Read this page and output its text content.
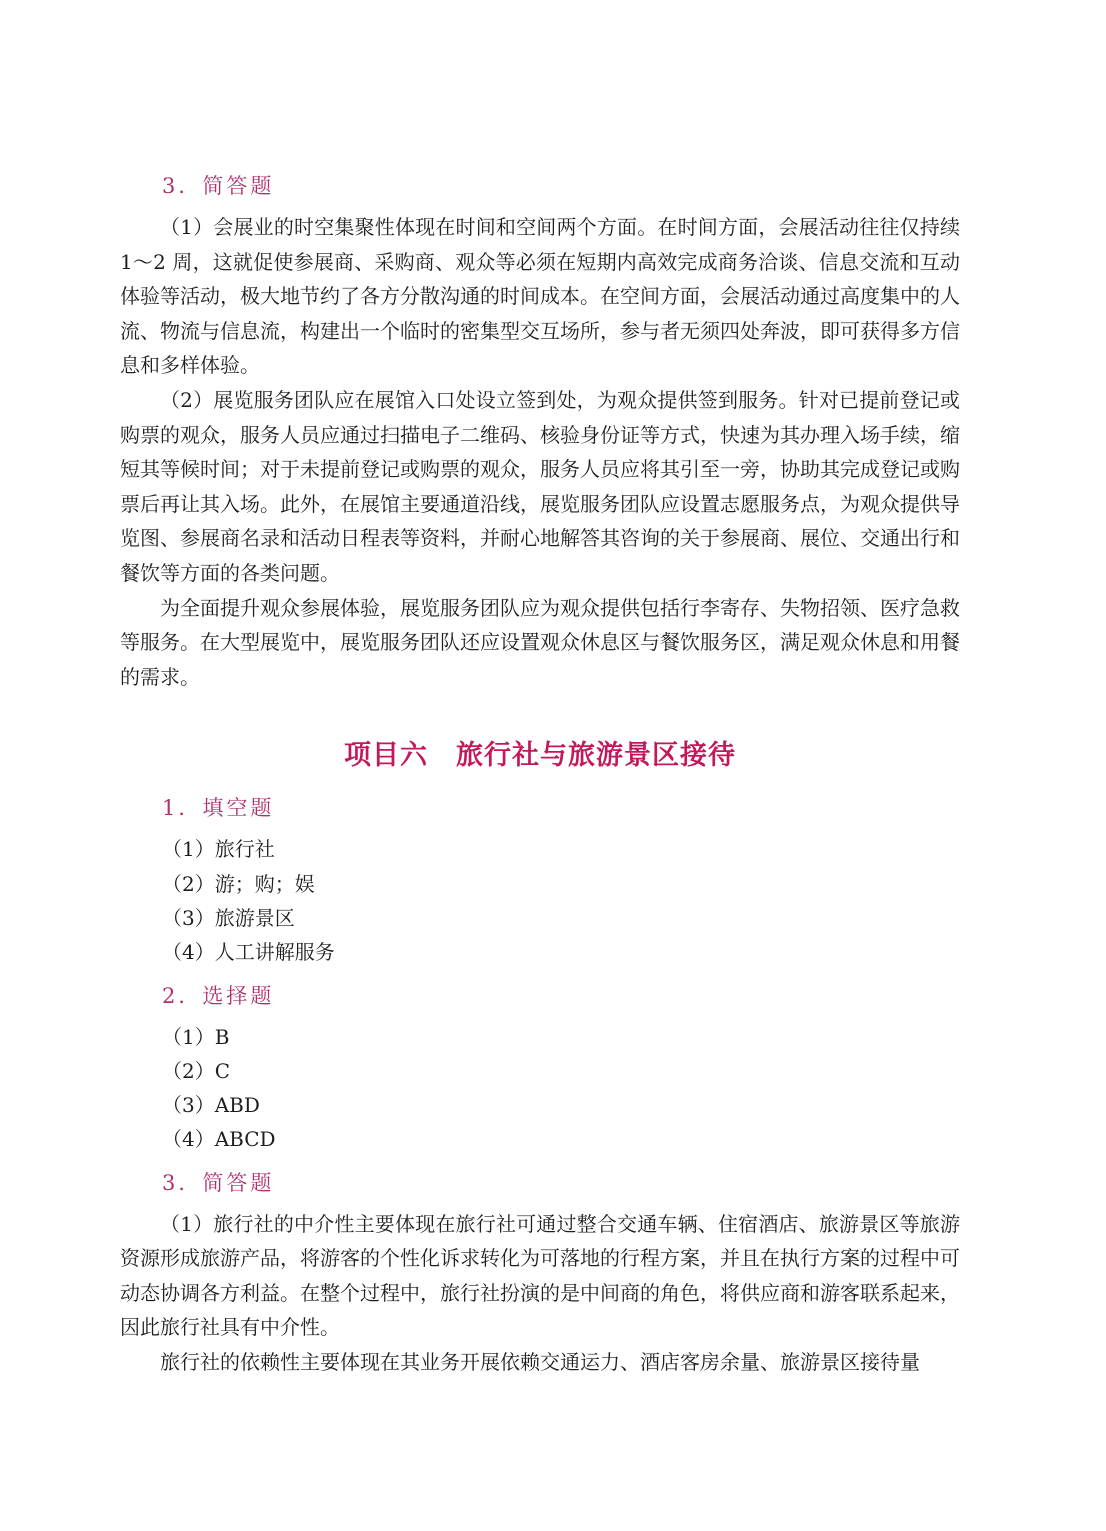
3．简答题

（1）会展业的时空集聚性体现在时间和空间两个方面。在时间方面，会展活动往往仅持续 1～2 周，这就促使参展商、采购商、观众等必须在短期内高效完成商务洽谈、信息交流和互动体验等活动，极大地节约了各方分散沟通的时间成本。在空间方面，会展活动通过高度集中的人流、物流与信息流，构建出一个临时的密集型交互场所，参与者无须四处奔波，即可获得多方信息和多样体验。

（2）展览服务团队应在展馆入口处设立签到处，为观众提供签到服务。针对已提前登记或购票的观众，服务人员应通过扫描电子二维码、核验身份证等方式，快速为其办理入场手续，缩短其等候时间；对于未提前登记或购票的观众，服务人员应将其引至一旁，协助其完成登记或购票后再让其入场。此外，在展馆主要通道沿线，展览服务团队应设置志愿服务点，为观众提供导览图、参展商名录和活动日程表等资料，并耐心地解答其咨询的关于参展商、展位、交通出行和餐饮等方面的各类问题。

为全面提升观众参展体验，展览服务团队应为观众提供包括行李寄存、失物招领、医疗急救等服务。在大型展览中，展览服务团队还应设置观众休息区与餐饮服务区，满足观众休息和用餐的需求。

项目六　旅行社与旅游景区接待
1．填空题

（1）旅行社

（2）游；购；娱

（3）旅游景区

（4）人工讲解服务

2．选择题

（1）B

（2）C

（3）ABD

（4）ABCD

3．简答题

（1）旅行社的中介性主要体现在旅行社可通过整合交通车辆、住宿酒店、旅游景区等旅游资源形成旅游产品，将游客的个性化诉求转化为可落地的行程方案，并且在执行方案的过程中可动态协调各方利益。在整个过程中，旅行社扮演的是中间商的角色，将供应商和游客联系起来，因此旅行社具有中介性。

旅行社的依赖性主要体现在其业务开展依赖交通运力、酒店客房余量、旅游景区接待量
